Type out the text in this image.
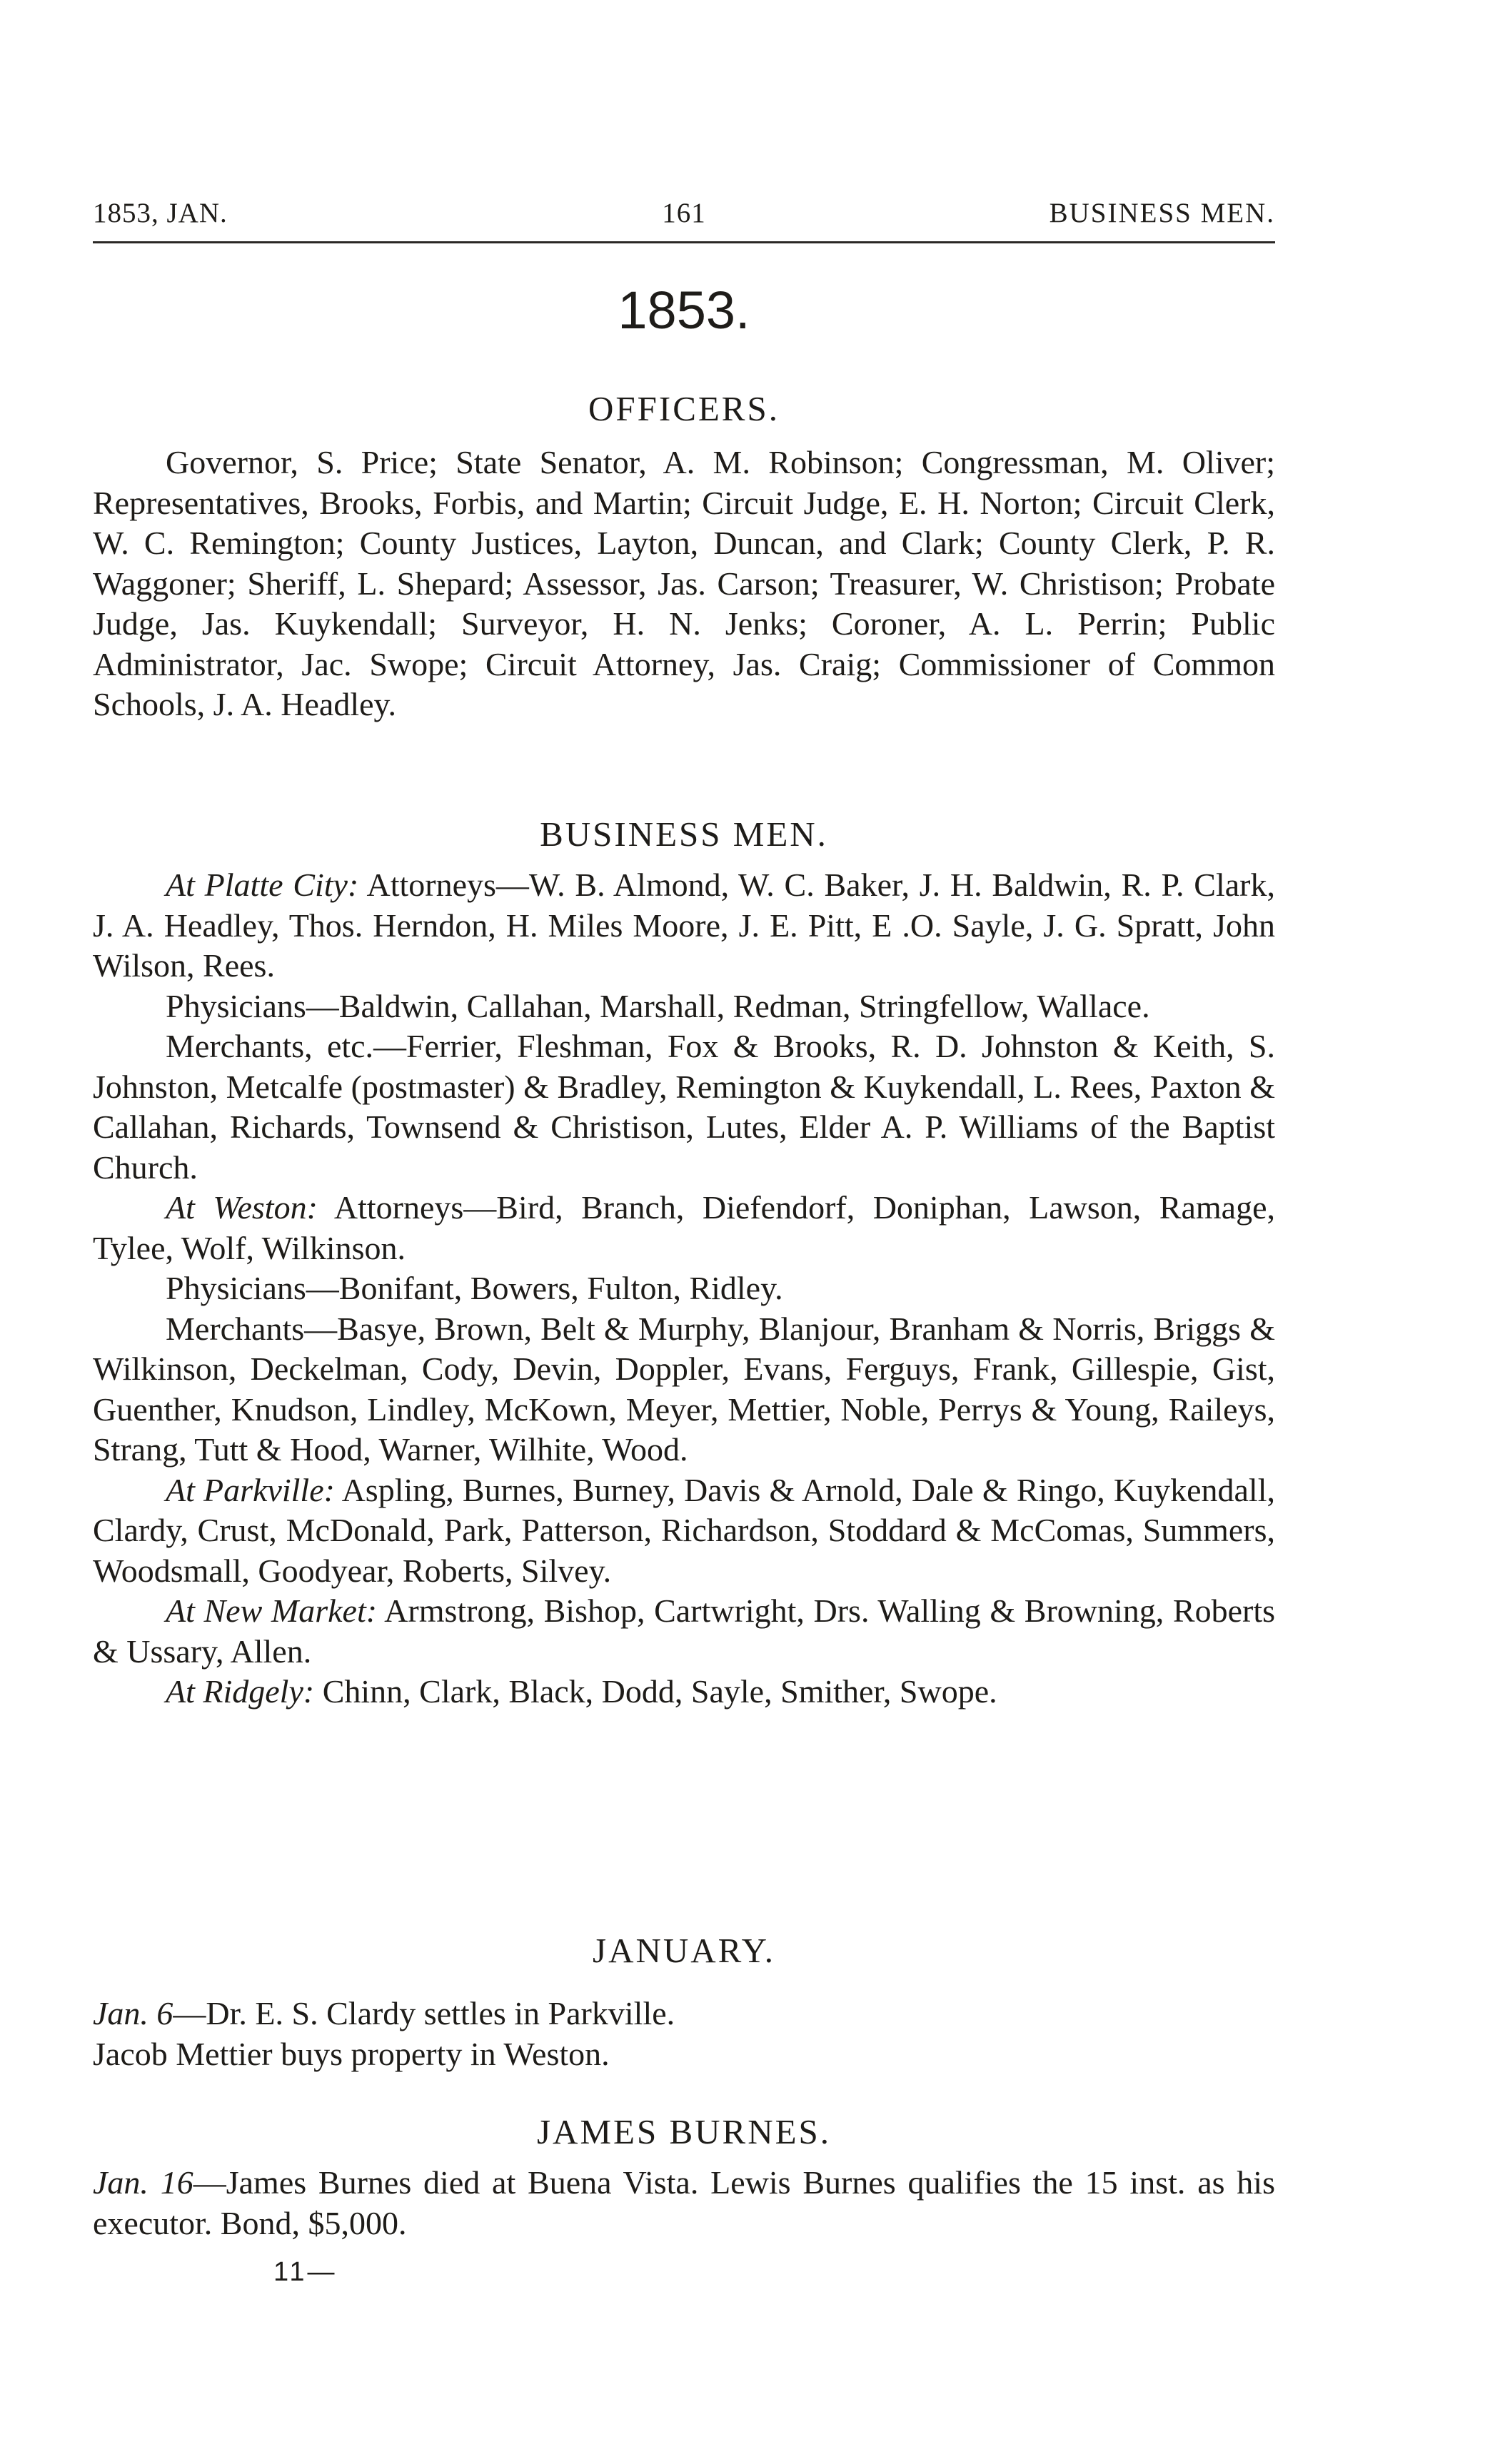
1853, JAN.	161	BUSINESS MEN.
1853.
OFFICERS.

Governor, S. Price; State Senator, A. M. Robinson; Congressman, M. Oliver; Representatives, Brooks, Forbis, and Martin; Circuit Judge, E. H. Norton; Circuit Clerk, W. C. Remington; County Justices, Layton, Duncan, and Clark; County Clerk, P. R. Waggoner; Sheriff, L. Shepard; Assessor, Jas. Carson; Treasurer, W. Christison; Probate Judge, Jas. Kuykendall; Surveyor, H. N. Jenks; Coroner, A. L. Perrin; Public Administrator, Jac. Swope; Circuit Attorney, Jas. Craig; Commissioner of Common Schools, J. A. Headley.

BUSINESS MEN.

At Platte City: Attorneys—W. B. Almond, W. C. Baker, J. H. Baldwin, R. P. Clark, J. A. Headley, Thos. Herndon, H. Miles Moore, J. E. Pitt, E .O. Sayle, J. G. Spratt, John Wilson, Rees.

Physicians—Baldwin, Callahan, Marshall, Redman, Stringfellow, Wallace.

Merchants, etc.—Ferrier, Fleshman, Fox & Brooks, R. D. Johnston & Keith, S. Johnston, Metcalfe (postmaster) & Bradley, Remington & Kuykendall, L. Rees, Paxton & Callahan, Richards, Townsend & Christison, Lutes, Elder A. P. Williams of the Baptist Church.

At Weston: Attorneys—Bird, Branch, Diefendorf, Doniphan, Lawson, Ramage, Tylee, Wolf, Wilkinson.

Physicians—Bonifant, Bowers, Fulton, Ridley.

Merchants—Basye, Brown, Belt & Murphy, Blanjour, Branham & Norris, Briggs & Wilkinson, Deckelman, Cody, Devin, Doppler, Evans, Ferguys, Frank, Gillespie, Gist, Guenther, Knudson, Lindley, McKown, Meyer, Mettier, Noble, Perrys & Young, Raileys, Strang, Tutt & Hood, Warner, Wilhite, Wood.

At Parkville: Aspling, Burnes, Burney, Davis & Arnold, Dale & Ringo, Kuykendall, Clardy, Crust, McDonald, Park, Patterson, Richardson, Stoddard & McComas, Summers, Woodsmall, Goodyear, Roberts, Silvey.

At New Market: Armstrong, Bishop, Cartwright, Drs. Walling & Browning, Roberts & Ussary, Allen.

At Ridgely: Chinn, Clark, Black, Dodd, Sayle, Smither, Swope.

JANUARY.

Jan. 6—Dr. E. S. Clardy settles in Parkville.

Jacob Mettier buys property in Weston.

JAMES BURNES.

Jan. 16—James Burnes died at Buena Vista. Lewis Burnes qualifies the 15 inst. as his executor. Bond, $5,000.

11—
